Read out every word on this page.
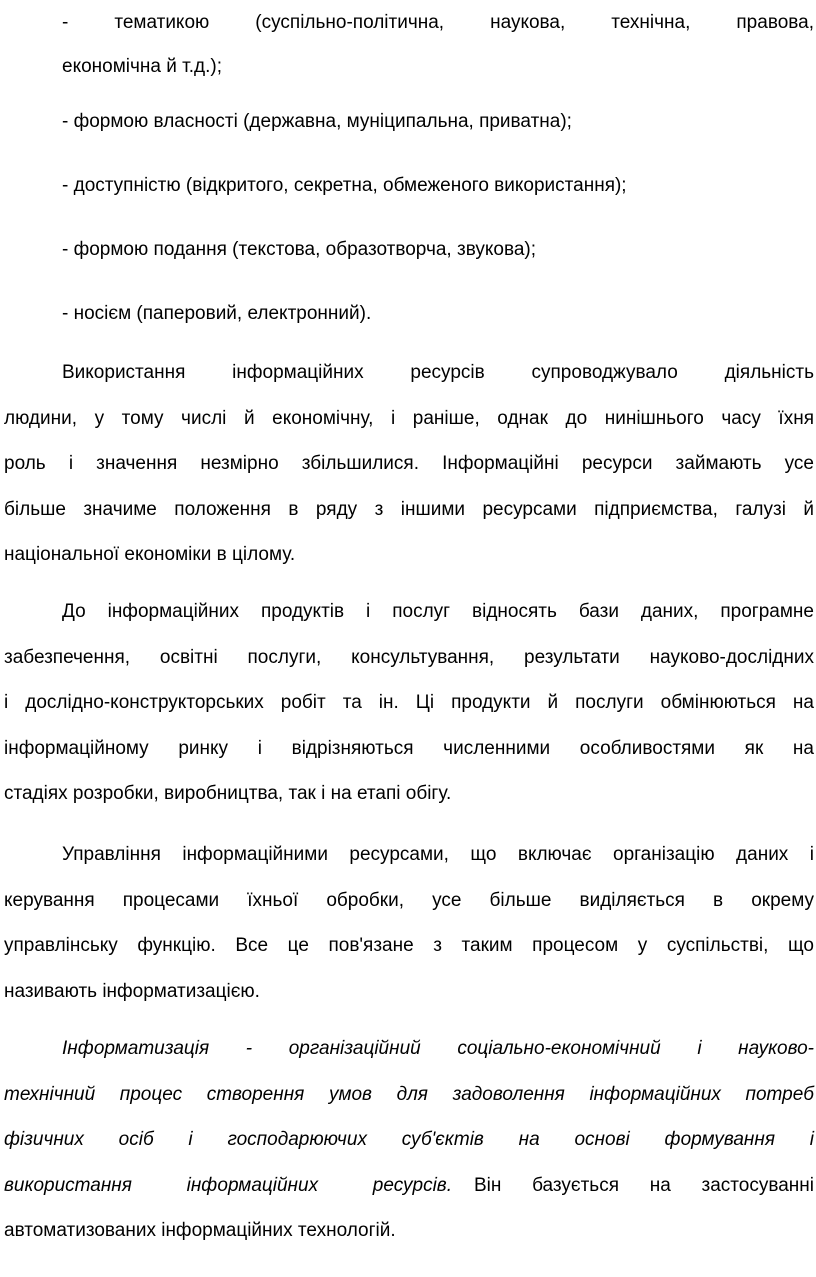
- тематикою (суспільно-політична, наукова, технічна, правова,
економічна й т.д.);
- формою власності (державна, муніципальна, приватна);
- доступністю (відкритого, секретна, обмеженого використання);
- формою подання (текстова, образотворча, звукова);
- носієм (паперовий, електронний).
Використання інформаційних ресурсів супроводжувало діяльність
людини, у тому числі й економічну, і раніше, однак до нинішнього часу їхня
роль і значення незмірно збільшилися. Інформаційні ресурси займають усе
більше значиме положення в ряду з іншими ресурсами підприємства, галузі й
національної економіки в цілому.
До інформаційних продуктів і послуг відносять бази даних, програмне
забезпечення, освітні послуги, консультування, результати науково-дослідних
і дослідно-конструкторських робіт та ін. Ці продукти й послуги обмінюються на
інформаційному ринку і відрізняються численними особливостями як на
стадіях розробки, виробництва, так і на етапі обігу.
Управління інформаційними ресурсами, що включає організацію даних і
керування процесами їхньої обробки, усе більше виділяється в окрему
управлінську функцію. Все це пов'язане з таким процесом у суспільстві, що
називають інформатизацією.
Інформатизація - організаційний соціально-економічний і науково-
технічний процес створення умов для задоволення інформаційних потреб
фізичних осіб і господарюючих суб'єктів на основі формування і
використання	інформаційних	ресурсів. Він базується на застосуванні
автоматизованих інформаційних технологій.
